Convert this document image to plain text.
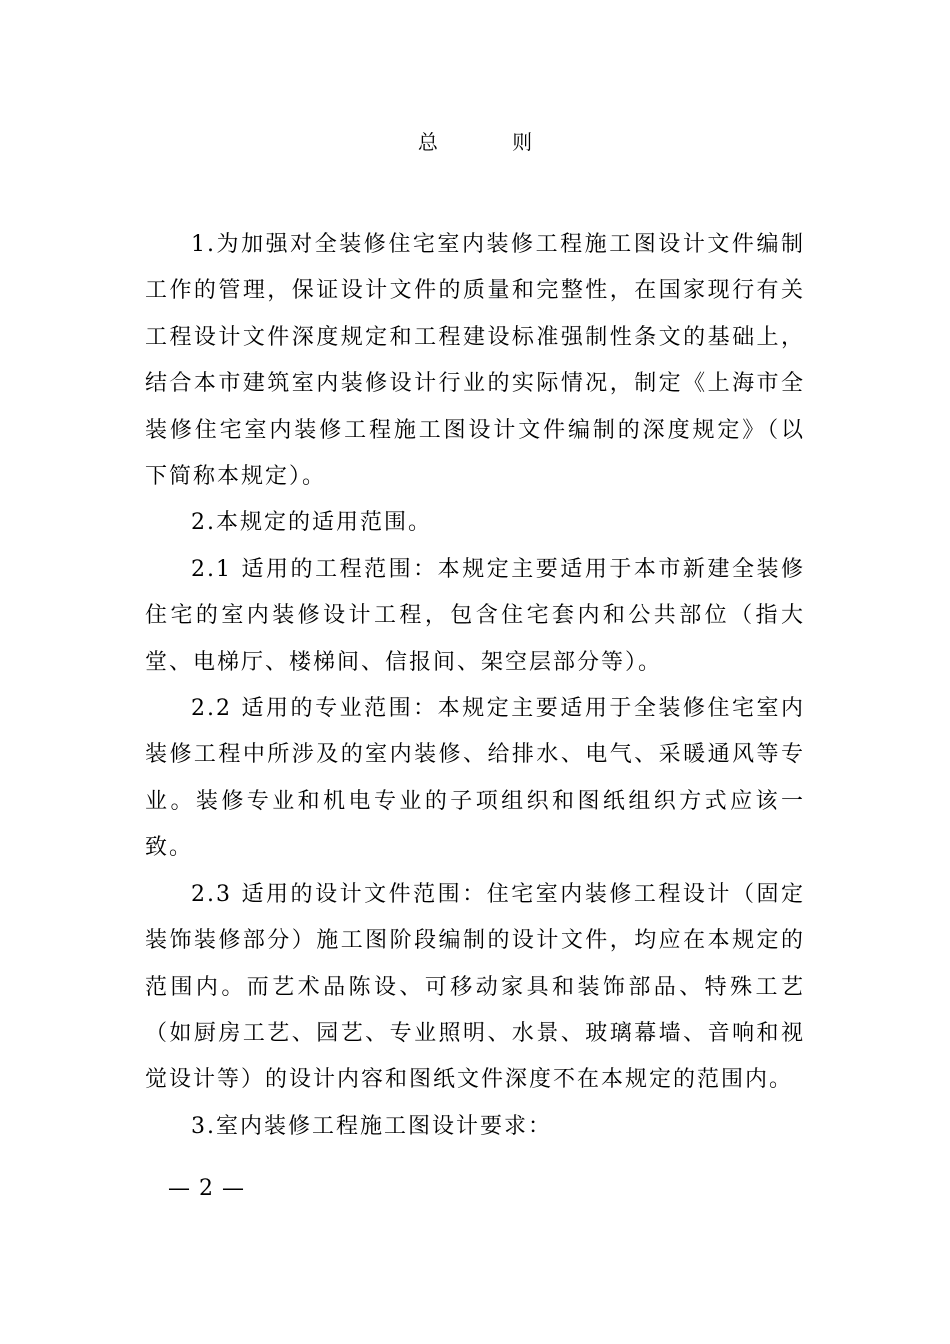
总 则

1.为加强对全装修住宅室内装修工程施工图设计文件编制工作的管理，保证设计文件的质量和完整性，在国家现行有关工程设计文件深度规定和工程建设标准强制性条文的基础上，结合本市建筑室内装修设计行业的实际情况，制定《上海市全装修住宅室内装修工程施工图设计文件编制的深度规定》（以下简称本规定）。

2.本规定的适用范围。

2.1 适用的工程范围：本规定主要适用于本市新建全装修住宅的室内装修设计工程，包含住宅套内和公共部位（指大堂、电梯厅、楼梯间、信报间、架空层部分等）。

2.2 适用的专业范围：本规定主要适用于全装修住宅室内装修工程中所涉及的室内装修、给排水、电气、采暖通风等专业。装修专业和机电专业的子项组织和图纸组织方式应该一致。

2.3 适用的设计文件范围：住宅室内装修工程设计（固定装饰装修部分）施工图阶段编制的设计文件，均应在本规定的范围内。而艺术品陈设、可移动家具和装饰部品、特殊工艺（如厨房工艺、园艺、专业照明、水景、玻璃幕墙、音响和视觉设计等）的设计内容和图纸文件深度不在本规定的范围内。

3.室内装修工程施工图设计要求：

— 2 —
